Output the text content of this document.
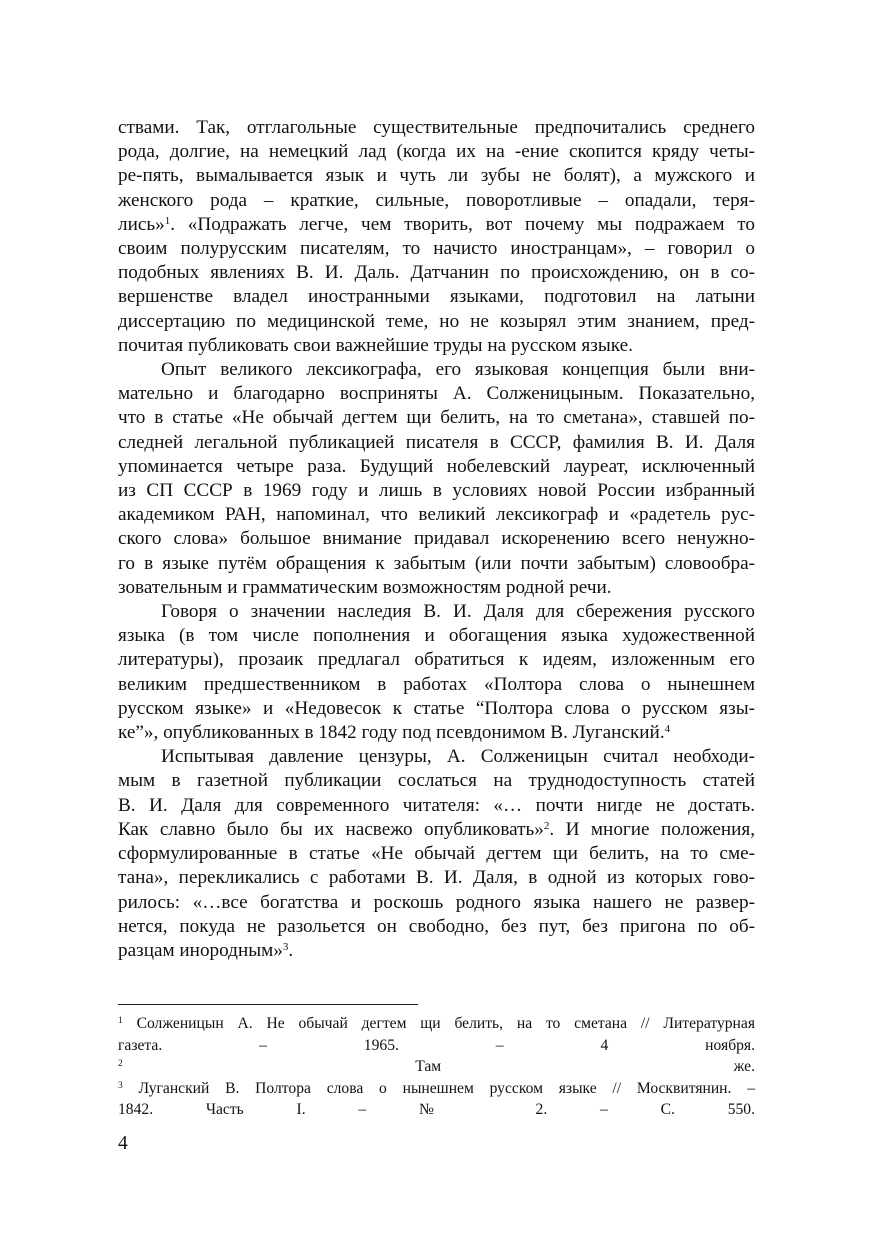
ствами. Так, отглагольные существительные предпочитались среднего
рода, долгие, на немецкий лад (когда их на -ение скопится кряду четы-
ре-пять, вымалывается язык и чуть ли зубы не болят), а мужского и
женского рода – краткие, сильные, поворотливые – опадали, теря-
лись»$^1$. «Подражать легче, чем творить, вот почему мы подражаем то
своим полурусским писателям, то начисто иностранцам», – говорил о
подобных явлениях В. И. Даль. Датчанин по происхождению, он в со-
вершенстве владел иностранными языками, подготовил на латыни
диссертацию по медицинской теме, но не козырял этим знанием, пред-
почитая публиковать свои важнейшие труды на русском языке.

Опыт великого лексикографа, его языковая концепция были вни-
мательно и благодарно восприняты А. Солженицыным. Показательно,
что в статье «Не обычай дегтем щи белить, на то сметана», ставшей по-
следней легальной публикацией писателя в СССР, фамилия В. И. Даля
упоминается четыре раза. Будущий нобелевский лауреат, исключенный
из СП СССР в 1969 году и лишь в условиях новой России избранный
академиком РАН, напоминал, что великий лексикограф и «радетель рус-
ского слова» большое внимание придавал искоренению всего ненужно-
го в языке путём обращения к забытым (или почти забытым) словообра-
зовательным и грамматическим возможностям родной речи.

Говоря о значении наследия В. И. Даля для сбережения русского
языка (в том числе пополнения и обогащения языка художественной
литературы), прозаик предлагал обратиться к идеям, изложенным его
великим предшественником в работах «Полтора слова о нынешнем
русском языке» и «Недовесок к статье “Полтора слова о русском язы-
ке”», опубликованных в 1842 году под псевдонимом В. Луганский.$^4$

Испытывая давление цензуры, А. Солженицын считал необходи-
мым в газетной публикации сослаться на труднодоступность статей
В. И. Даля для современного читателя: «… почти нигде не достать.
Как славно было бы их насвежо опубликовать»$^2$. И многие положения,
сформулированные в статье «Не обычай дегтем щи белить, на то сме-
тана», перекликались с работами В. И. Даля, в одной из которых гово-
рилось: «…все богатства и роскошь родного языка нашего не развер-
нется, покуда не разольется он свободно, без пут, без пригона по об-
разцам инородным»$^3$.

$^1$ Солженицын А. Не обычай дегтем щи белить, на то сметана // Литературная
газета. – 1965. – 4 ноября.
$^2$ Там же.
$^3$ Луганский В. Полтора слова о нынешнем русском языке // Москвитянин. –
1842. Часть I. – № 2. – С. 550.
4
